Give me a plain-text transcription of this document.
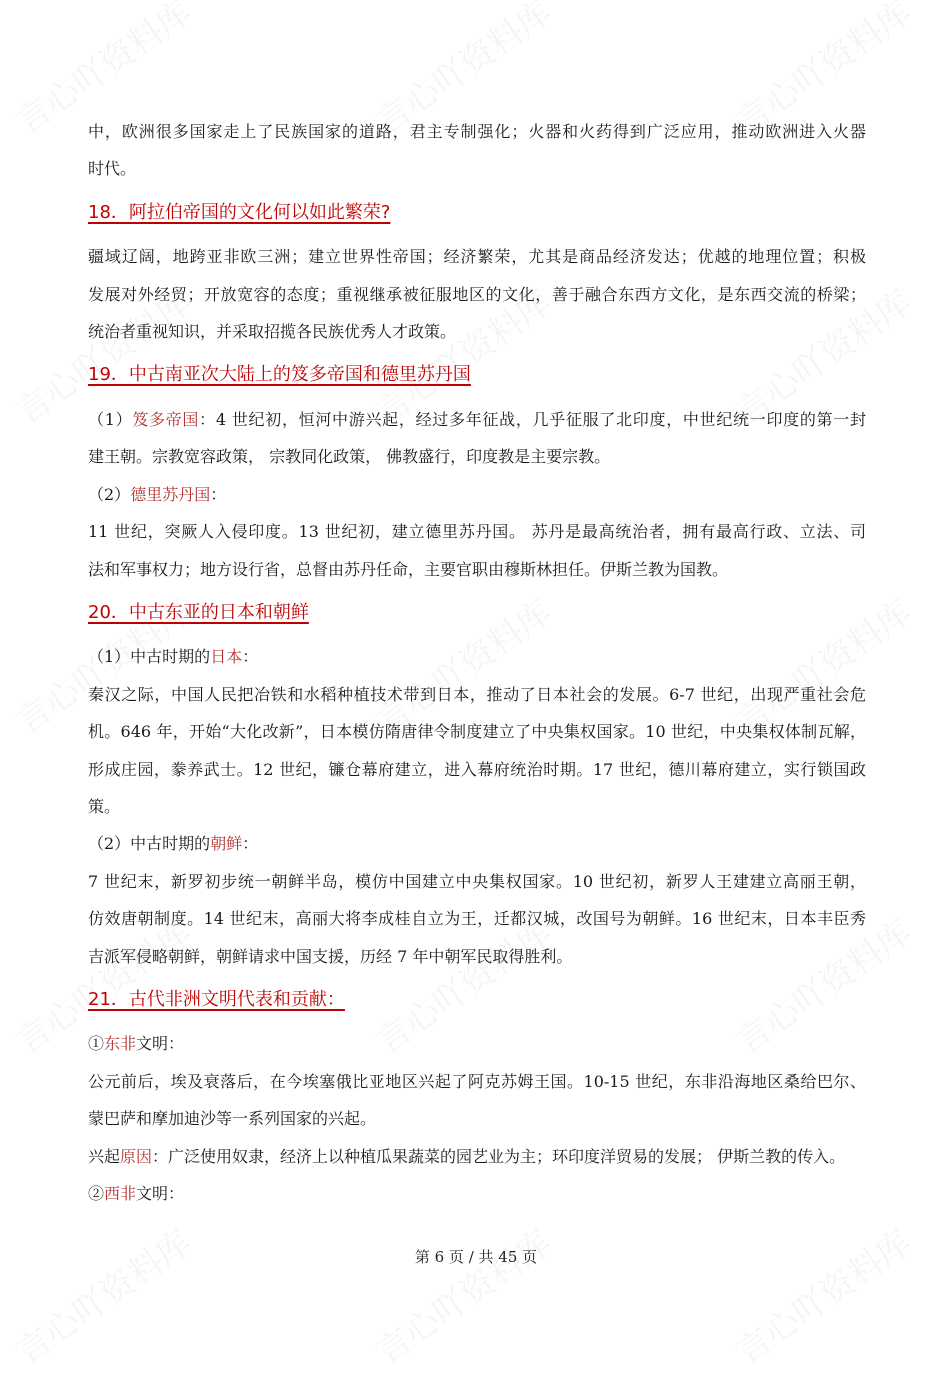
中，欧洲很多国家走上了民族国家的道路，君主专制强化；火器和火药得到广泛应用，推动欧洲进入火器
时代。
18．阿拉伯帝国的文化何以如此繁荣?
疆域辽阔，地跨亚非欧三洲；建立世界性帝国；经济繁荣，尤其是商品经济发达；优越的地理位置；积极
发展对外经贸；开放宽容的态度；重视继承被征服地区的文化，善于融合东西方文化，是东西交流的桥梁；
统治者重视知识，并采取招揽各民族优秀人才政策。
19．中古南亚次大陆上的笈多帝国和德里苏丹国
（1）笈多帝国：4 世纪初，恒河中游兴起，经过多年征战，几乎征服了北印度，中世纪统一印度的第一封
建王朝。宗教宽容政策， 宗教同化政策， 佛教盛行，印度教是主要宗教。
（2）德里苏丹国：
11 世纪，突厥人入侵印度。13 世纪初，建立德里苏丹国。 苏丹是最高统治者，拥有最高行政、立法、司
法和军事权力；地方设行省，总督由苏丹任命，主要官职由穆斯林担任。伊斯兰教为国教。
20．中古东亚的日本和朝鲜
（1）中古时期的日本：
秦汉之际，中国人民把冶铁和水稻种植技术带到日本，推动了日本社会的发展。6-7 世纪，出现严重社会危
机。646 年，开始“大化改新”，日本模仿隋唐律令制度建立了中央集权国家。10 世纪，中央集权体制瓦解，
形成庄园，豢养武士。12 世纪，镰仓幕府建立，进入幕府统治时期。17 世纪，德川幕府建立，实行锁国政
策。
（2）中古时期的朝鲜：
7 世纪末，新罗初步统一朝鲜半岛，模仿中国建立中央集权国家。10 世纪初，新罗人王建建立高丽王朝，
仿效唐朝制度。14 世纪末，高丽大将李成桂自立为王，迁都汉城，改国号为朝鲜。16 世纪末，日本丰臣秀
吉派军侵略朝鲜，朝鲜请求中国支援，历经 7 年中朝军民取得胜利。
21．古代非洲文明代表和贡献：
①东非文明：
公元前后，埃及衰落后，在今埃塞俄比亚地区兴起了阿克苏姆王国。10-15 世纪，东非沿海地区桑给巴尔、
蒙巴萨和摩加迪沙等一系列国家的兴起。
兴起原因：广泛使用奴隶，经济上以种植瓜果蔬菜的园艺业为主；环印度洋贸易的发展； 伊斯兰教的传入。
②西非文明：
第 6 页 / 共 45 页
